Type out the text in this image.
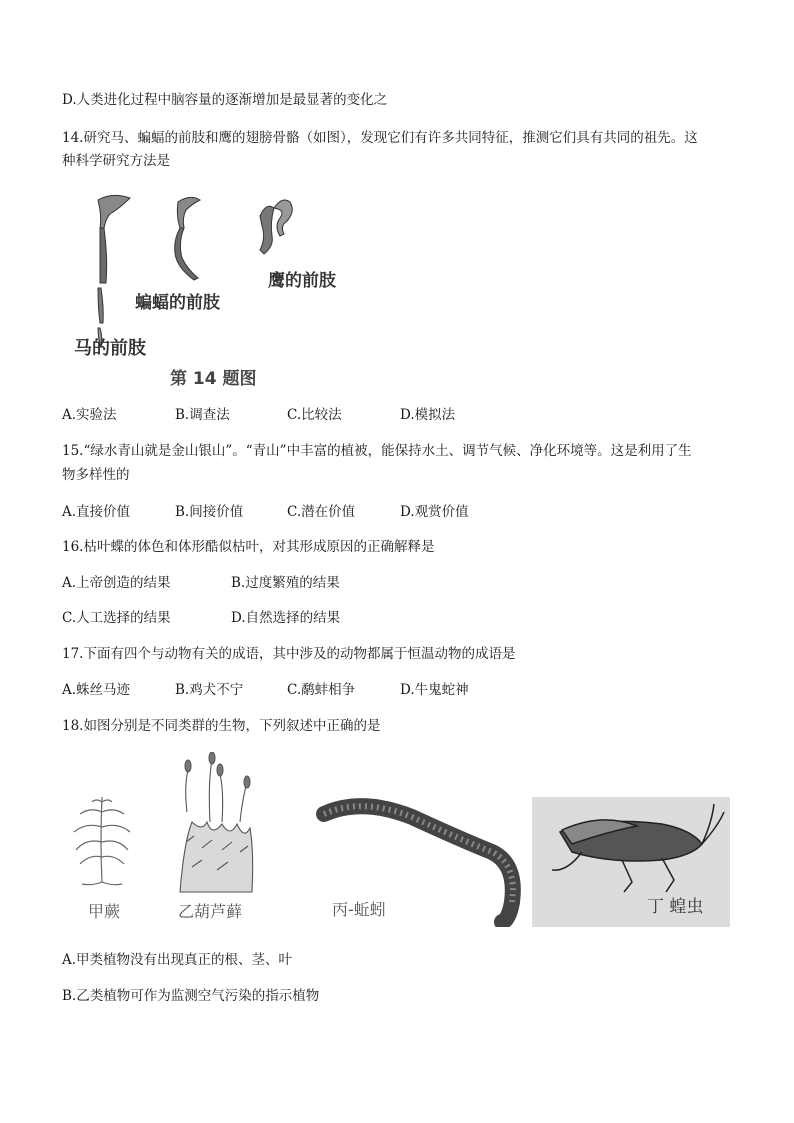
D.人类进化过程中脑容量的逐渐增加是最显著的变化之
14.研究马、蝙蝠的前肢和鹰的翅膀骨骼（如图），发现它们有许多共同特征，推测它们具有共同的祖先。这
种科学研究方法是
鹰的前肢
蝙蝠的前肢
马的前肢
第 14 题图
A.实验法	B.调查法	C.比较法	D.模拟法
15.“绿水青山就是金山银山”。“青山”中丰富的植被，能保持水土、调节气候、净化环境等。这是利用了生
物多样性的
A.直接价值	B.间接价值	C.潜在价值	D.观赏价值
16.枯叶蝶的体色和体形酷似枯叶，对其形成原因的正确解释是
A.上帝创造的结果	B.过度繁殖的结果
C.人工选择的结果	D.自然选择的结果
17.下面有四个与动物有关的成语，其中涉及的动物都属于恒温动物的成语是
A.蛛丝马迹	B.鸡犬不宁	C.鹬蚌相争	D.牛鬼蛇神
18.如图分别是不同类群的生物，下列叙述中正确的是
甲蕨	乙葫芦藓	丙-蚯蚓	丁 蝗虫
A.甲类植物没有出现真正的根、茎、叶
B.乙类植物可作为监测空气污染的指示植物
